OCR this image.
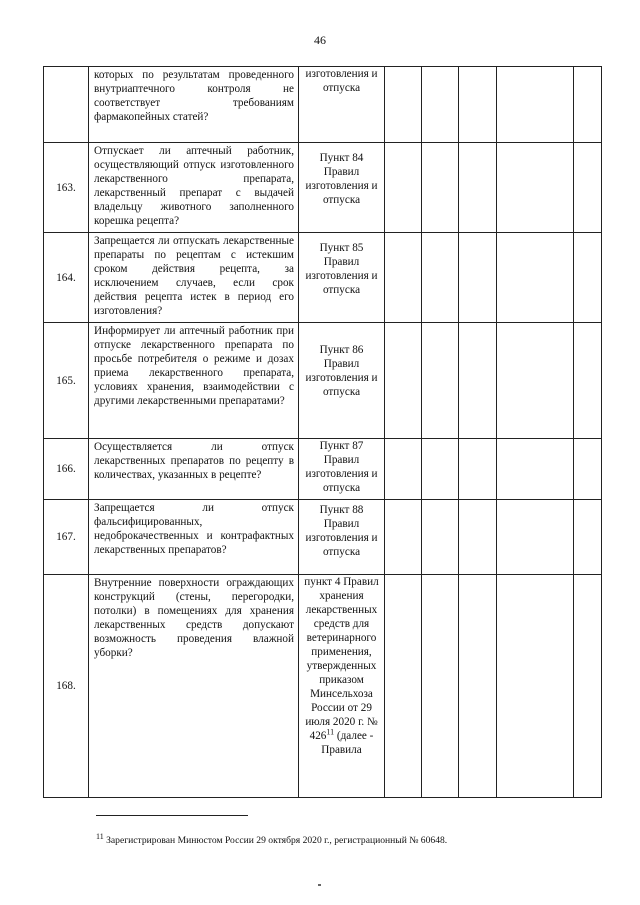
46
	которых по результатам проведенного внутриаптечного контроля не соответствует требованиям фармакопейных статей?	изготовления и отпуска					

163.	Отпускает ли аптечный работник, осуществляющий отпуск изготовленного лекарственного препарата, лекарственный препарат с выдачей владельцу животного заполненного корешка рецепта?	Пункт 84 Правил изготовления и отпуска					

164.	Запрещается ли отпускать лекарственные препараты по рецептам с истекшим сроком действия рецепта, за исключением случаев, если срок действия рецепта истек в период его изготовления?	Пункт 85 Правил изготовления и отпуска					

165.	Информирует ли аптечный работник при отпуске лекарственного препарата по просьбе потребителя о режиме и дозах приема лекарственного препарата, условиях хранения, взаимодействии с другими лекарственными препаратами?	Пункт 86 Правил изготовления и отпуска					

166.	Осуществляется ли отпуск лекарственных препаратов по рецепту в количествах, указанных в рецепте?	Пункт 87 Правил изготовления и отпуска					

167.	Запрещается ли отпуск фальсифицированных, недоброкачественных и контрафактных лекарственных препаратов?	Пункт 88 Правил изготовления и отпуска					

168.	Внутренние поверхности ограждающих конструкций (стены, перегородки, потолки) в помещениях для хранения лекарственных средств допускают возможность проведения влажной уборки?	пункт 4 Правил хранения лекарственных средств для ветеринарного применения, утвержденных приказом Минсельхоза России от 29 июля 2020 г. № $426^{11}$ (далее - Правила					

$^{11}$ Зарегистрирован Минюстом России 29 октября 2020 г., регистрационный № 60648.
